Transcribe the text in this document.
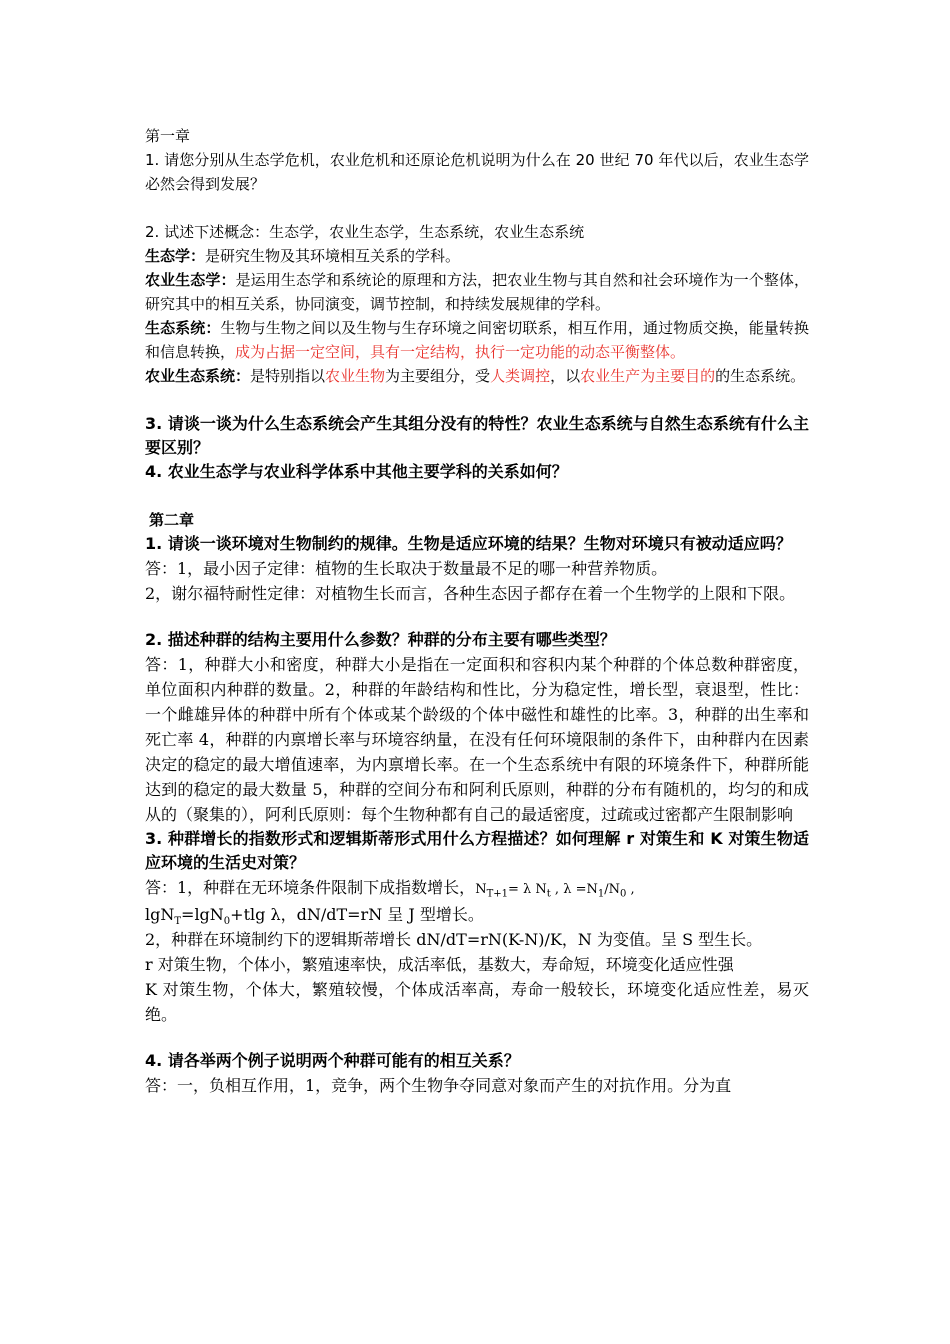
第一章

1. 请您分别从生态学危机，农业危机和还原论危机说明为什么在 20 世纪 70 年代以后，农业生态学必然会得到发展？

2. 试述下述概念：生态学，农业生态学，生态系统，农业生态系统

生态学：是研究生物及其环境相互关系的学科。

农业生态学：是运用生态学和系统论的原理和方法，把农业生物与其自然和社会环境作为一个整体，研究其中的相互关系，协同演变，调节控制，和持续发展规律的学科。

生态系统：生物与生物之间以及生物与生存环境之间密切联系，相互作用，通过物质交换，能量转换和信息转换，成为占据一定空间，具有一定结构，执行一定功能的动态平衡整体。

农业生态系统：是特别指以农业生物为主要组分，受人类调控，以农业生产为主要目的的生态系统。

3. 请谈一谈为什么生态系统会产生其组分没有的特性？农业生态系统与自然生态系统有什么主要区别？

4. 农业生态学与农业科学体系中其他主要学科的关系如何？

第二章

1. 请谈一谈环境对生物制约的规律。生物是适应环境的结果？生物对环境只有被动适应吗？

答：1，最小因子定律：植物的生长取决于数量最不足的哪一种营养物质。

2，谢尔福特耐性定律：对植物生长而言，各种生态因子都存在着一个生物学的上限和下限。

2. 描述种群的结构主要用什么参数？种群的分布主要有哪些类型？

答：1，种群大小和密度，种群大小是指在一定面积和容积内某个种群的个体总数种群密度，单位面积内种群的数量。2，种群的年龄结构和性比，分为稳定性，增长型，衰退型，性比：一个雌雄异体的种群中所有个体或某个龄级的个体中磁性和雄性的比率。3，种群的出生率和死亡率 4，种群的内禀增长率与环境容纳量，在没有任何环境限制的条件下，由种群内在因素决定的稳定的最大增值速率，为内禀增长率。在一个生态系统中有限的环境条件下，种群所能达到的稳定的最大数量 5，种群的空间分布和阿利氏原则，种群的分布有随机的，均匀的和成从的（聚集的），阿利氏原则：每个生物种都有自己的最适密度，过疏或过密都产生限制影响

3. 种群增长的指数形式和逻辑斯蒂形式用什么方程描述？如何理解 r 对策生和 K 对策生物适应环境的生活史对策？

答：1，种群在无环境条件限制下成指数增长，$N_{T+1}= \lambda$ $N_t$ , $\lambda =N_1/N_0$ ,

lgN$_T$=lgN$_0$+tlg λ，dN/dT=rN 呈 J 型增长。

2，种群在环境制约下的逻辑斯蒂增长 dN/dT=rN(K-N)/K，N 为变值。呈 S 型生长。

r 对策生物，个体小，繁殖速率快，成活率低，基数大，寿命短，环境变化适应性强

K 对策生物，个体大，繁殖较慢，个体成活率高，寿命一般较长，环境变化适应性差，易灭绝。

4. 请各举两个例子说明两个种群可能有的相互关系？

答：一，负相互作用，1，竞争，两个生物争夺同意对象而产生的对抗作用。分为直
